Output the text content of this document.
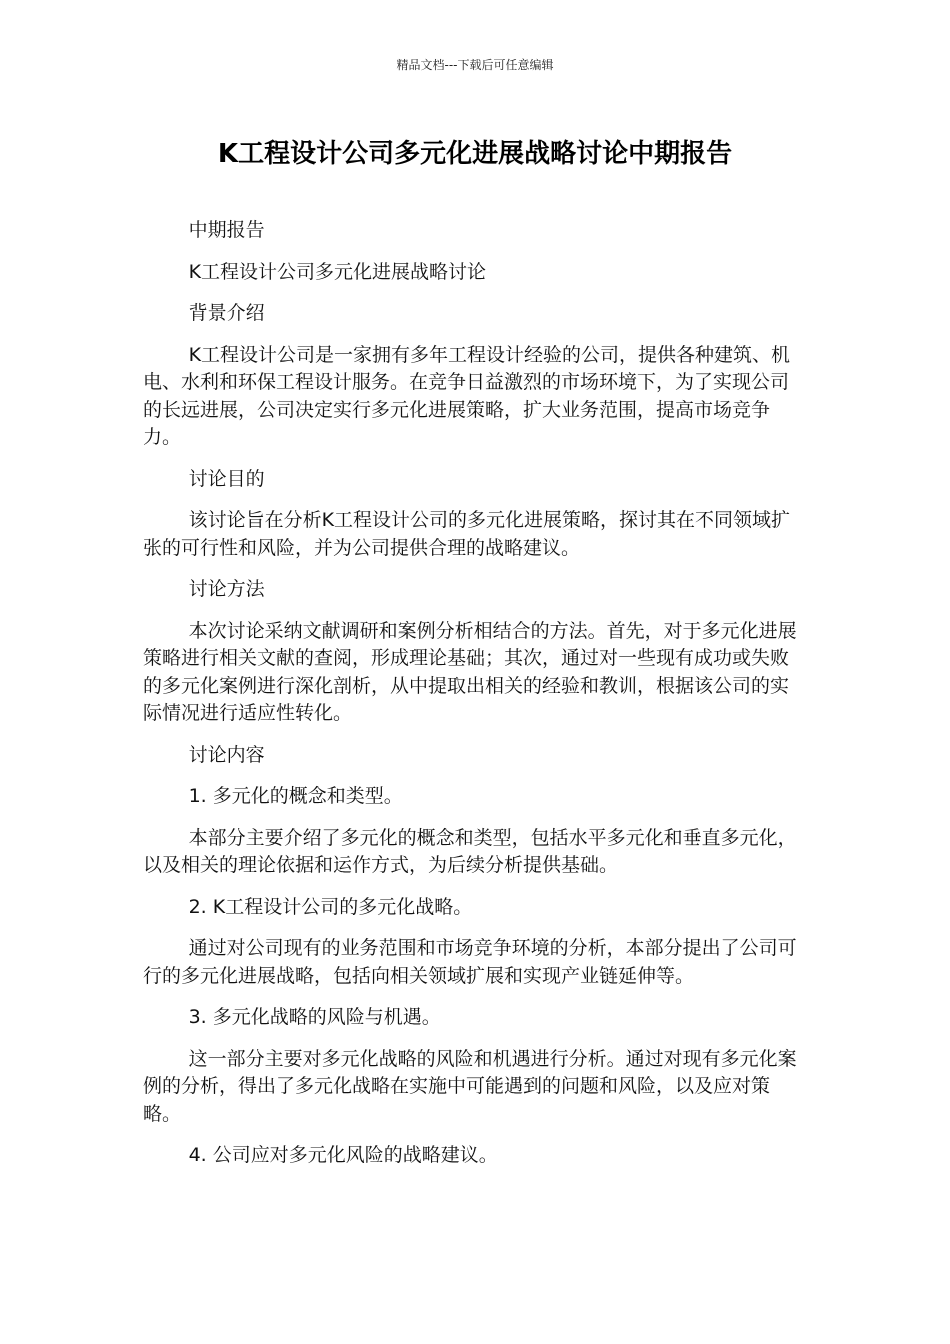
精品文档---下载后可任意编辑
K工程设计公司多元化进展战略讨论中期报告

中期报告

K工程设计公司多元化进展战略讨论

背景介绍

K工程设计公司是一家拥有多年工程设计经验的公司，提供各种建筑、机电、水利和环保工程设计服务。在竞争日益激烈的市场环境下，为了实现公司的长远进展，公司决定实行多元化进展策略，扩大业务范围，提高市场竞争力。

讨论目的

该讨论旨在分析K工程设计公司的多元化进展策略，探讨其在不同领域扩张的可行性和风险，并为公司提供合理的战略建议。

讨论方法

本次讨论采纳文献调研和案例分析相结合的方法。首先，对于多元化进展策略进行相关文献的查阅，形成理论基础；其次，通过对一些现有成功或失败的多元化案例进行深化剖析，从中提取出相关的经验和教训，根据该公司的实际情况进行适应性转化。

讨论内容

1. 多元化的概念和类型。

本部分主要介绍了多元化的概念和类型，包括水平多元化和垂直多元化，以及相关的理论依据和运作方式，为后续分析提供基础。

2. K工程设计公司的多元化战略。

通过对公司现有的业务范围和市场竞争环境的分析，本部分提出了公司可行的多元化进展战略，包括向相关领域扩展和实现产业链延伸等。

3. 多元化战略的风险与机遇。

这一部分主要对多元化战略的风险和机遇进行分析。通过对现有多元化案例的分析，得出了多元化战略在实施中可能遇到的问题和风险，以及应对策略。

4. 公司应对多元化风险的战略建议。
